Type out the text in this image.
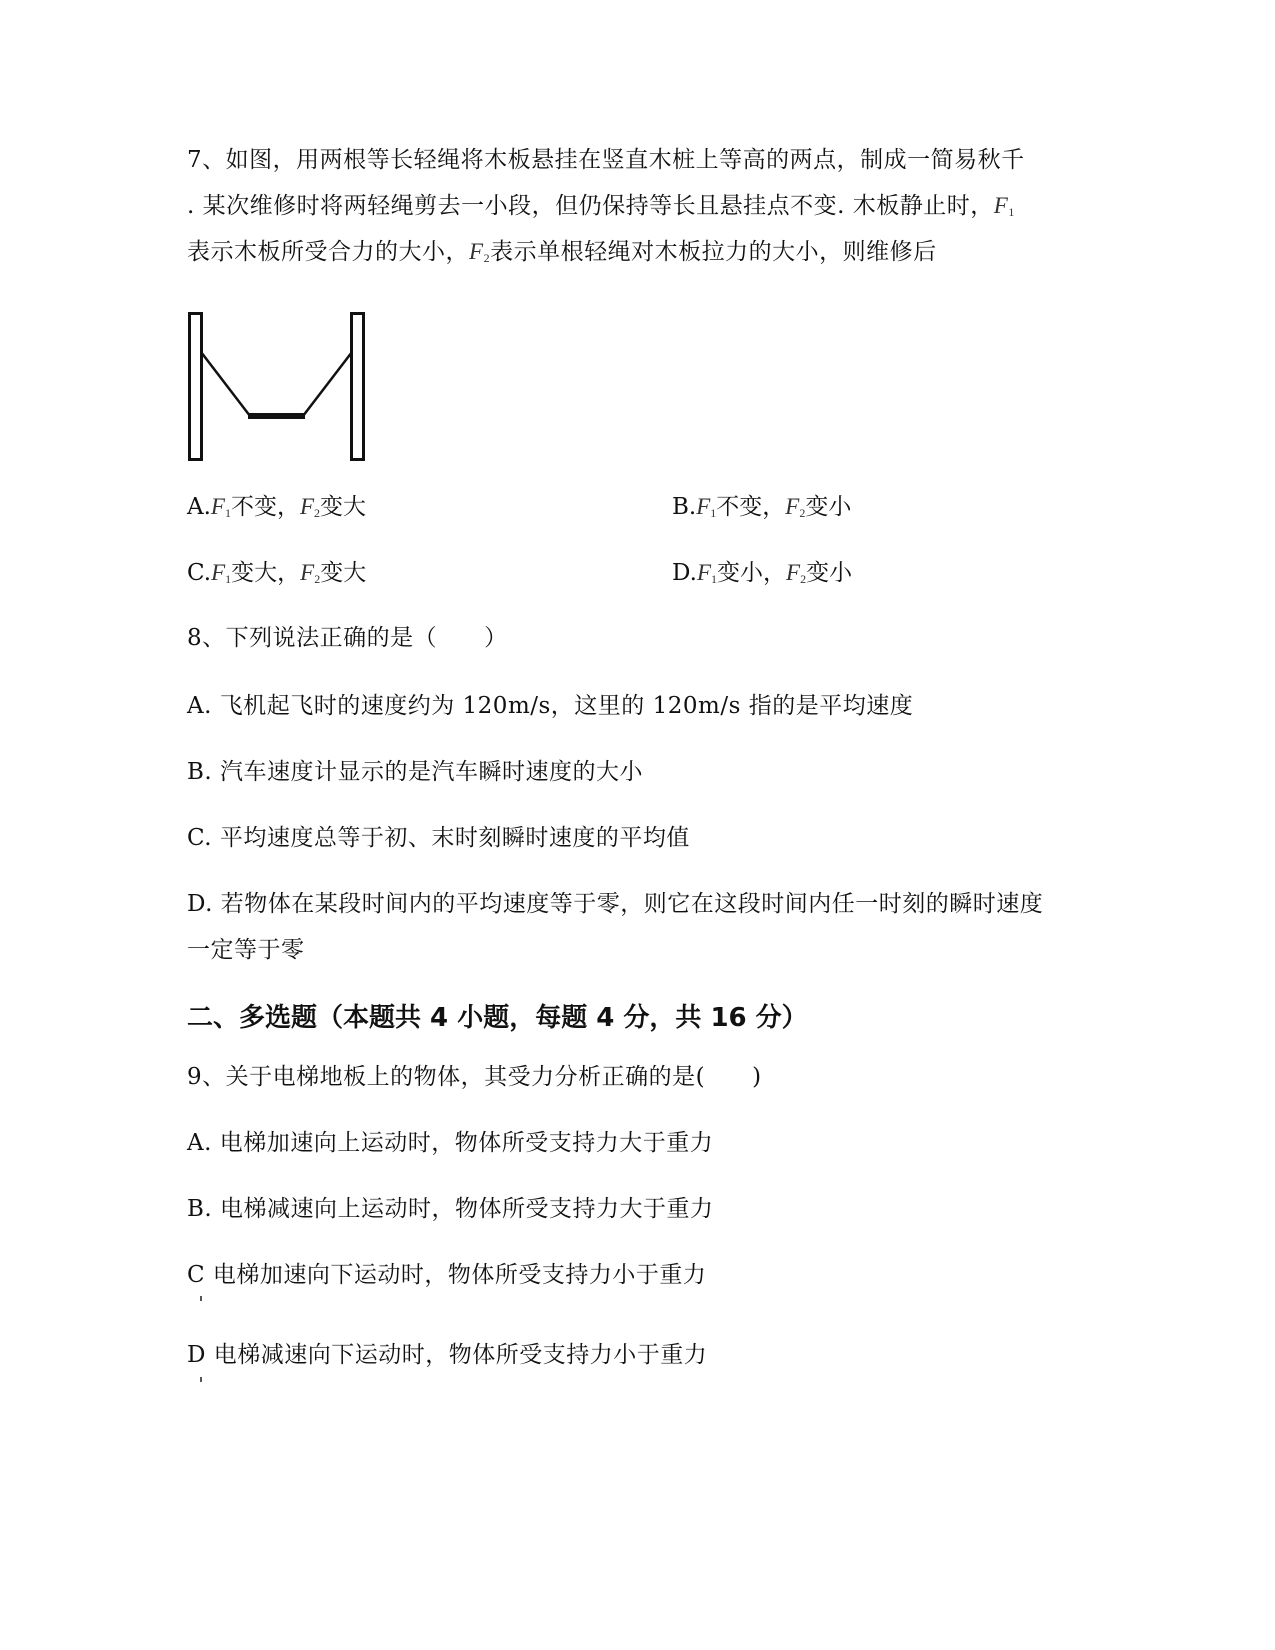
7、如图，用两根等长轻绳将木板悬挂在竖直木桩上等高的两点，制成一简易秋千
. 某次维修时将两轻绳剪去一小段，但仍保持等长且悬挂点不变. 木板静止时，$F_1$
表示木板所受合力的大小，$F_2$表示单根轻绳对木板拉力的大小，则维修后
$A.F_1$不变，$F_2$变大	$B.F_1$不变，$F_2$变小
$C.F_1$变大，$F_2$变大	$D.F_1$变小，$F_2$变小
8、下列说法正确的是（　　）
A. 飞机起飞时的速度约为 120m/s，这里的 120m/s 指的是平均速度
B. 汽车速度计显示的是汽车瞬时速度的大小
C. 平均速度总等于初、末时刻瞬时速度的平均值
D. 若物体在某段时间内的平均速度等于零，则它在这段时间内任一时刻的瞬时速度
一定等于零
二、多选题（本题共 4 小题，每题 4 分，共 16 分）
9、关于电梯地板上的物体，其受力分析正确的是(　　)
A. 电梯加速向上运动时，物体所受支持力大于重力
B. 电梯减速向上运动时，物体所受支持力大于重力
C 电梯加速向下运动时，物体所受支持力小于重力
D 电梯减速向下运动时，物体所受支持力小于重力
